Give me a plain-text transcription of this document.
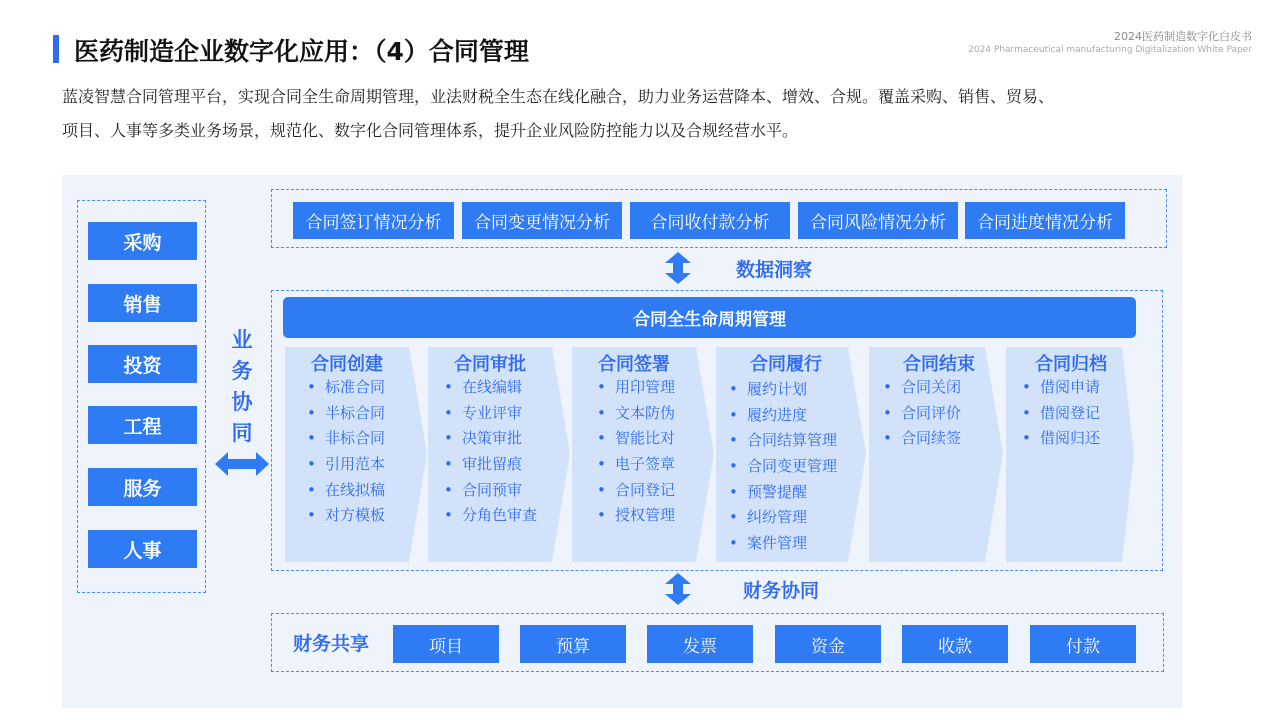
医药制造企业数字化应用：（4）合同管理
2024医药制造数字化白皮书
2024 Pharmaceutical manufacturing Digitalization White Paper
蓝凌智慧合同管理平台，实现合同全生命周期管理，业法财税全生态在线化融合，助力业务运营降本、增效、合规。覆盖采购、销售、贸易、
项目、人事等多类业务场景，规范化、数字化合同管理体系，提升企业风险防控能力以及合规经营水平。
采购
销售
投资
工程
服务
人事
业务协同
合同签订情况分析	合同变更情况分析	合同收付款分析	合同风险情况分析	合同进度情况分析
数据洞察
合同全生命周期管理
合同创建
• 标准合同
• 半标合同
• 非标合同
• 引用范本
• 在线拟稿
• 对方模板
合同审批
• 在线编辑
• 专业评审
• 决策审批
• 审批留痕
• 合同预审
• 分角色审查
合同签署
• 用印管理
• 文本防伪
• 智能比对
• 电子签章
• 合同登记
• 授权管理
合同履行
• 履约计划
• 履约进度
• 合同结算管理
• 合同变更管理
• 预警提醒
• 纠纷管理
• 案件管理
合同结束
• 合同关闭
• 合同评价
• 合同续签
合同归档
• 借阅申请
• 借阅登记
• 借阅归还
财务协同
财务共享	项目	预算	发票	资金	收款	付款
